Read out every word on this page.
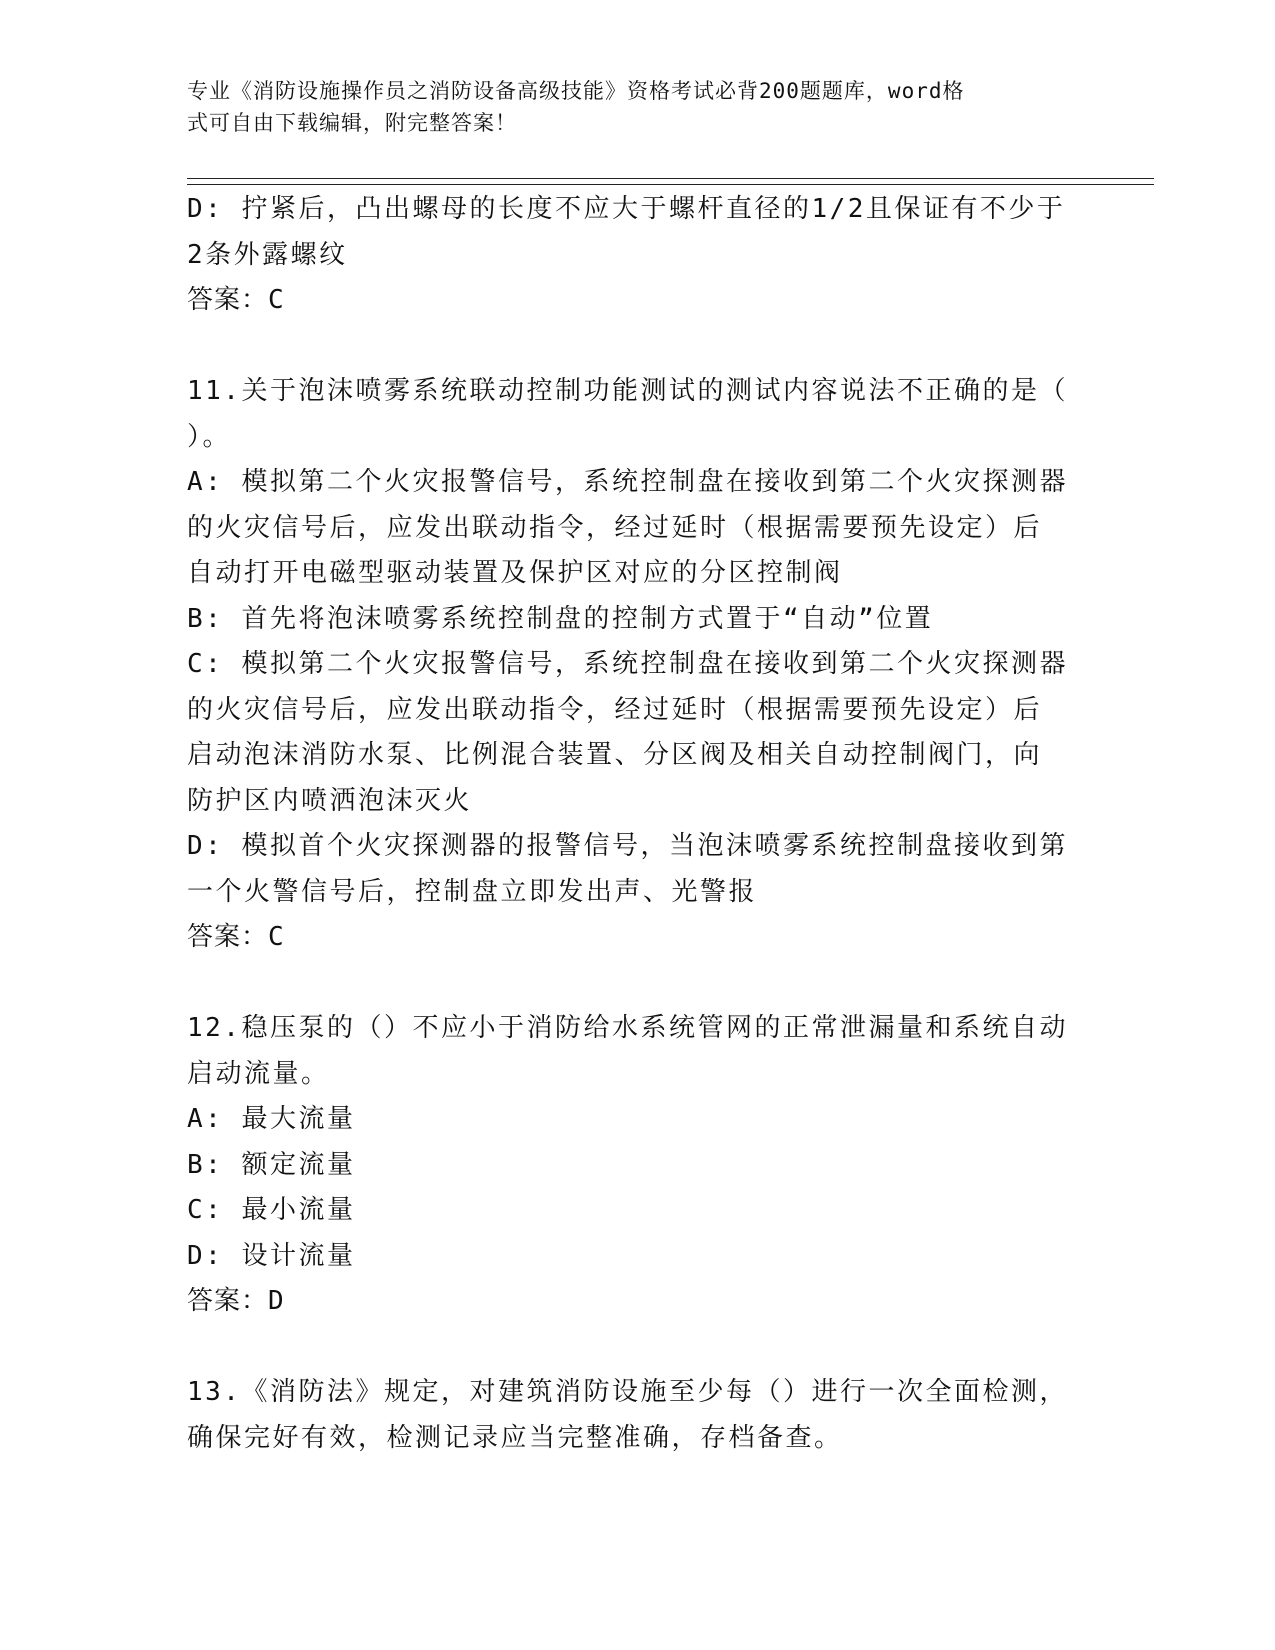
专业《消防设施操作员之消防设备高级技能》资格考试必背200题题库，word格
式可自由下载编辑，附完整答案！
D: 拧紧后，凸出螺母的长度不应大于螺杆直径的1/2且保证有不少于
2条外露螺纹
答案：C
11.关于泡沫喷雾系统联动控制功能测试的测试内容说法不正确的是（
）。
A: 模拟第二个火灾报警信号，系统控制盘在接收到第二个火灾探测器
的火灾信号后，应发出联动指令，经过延时（根据需要预先设定）后
自动打开电磁型驱动装置及保护区对应的分区控制阀
B: 首先将泡沫喷雾系统控制盘的控制方式置于“自动”位置
C: 模拟第二个火灾报警信号，系统控制盘在接收到第二个火灾探测器
的火灾信号后，应发出联动指令，经过延时（根据需要预先设定）后
启动泡沫消防水泵、比例混合装置、分区阀及相关自动控制阀门，向
防护区内喷洒泡沫灭火
D: 模拟首个火灾探测器的报警信号，当泡沫喷雾系统控制盘接收到第
一个火警信号后，控制盘立即发出声、光警报
答案：C
12.稳压泵的（）不应小于消防给水系统管网的正常泄漏量和系统自动
启动流量。
A: 最大流量
B: 额定流量
C: 最小流量
D: 设计流量
答案：D
13.《消防法》规定，对建筑消防设施至少每（）进行一次全面检测，
确保完好有效，检测记录应当完整准确，存档备查。
